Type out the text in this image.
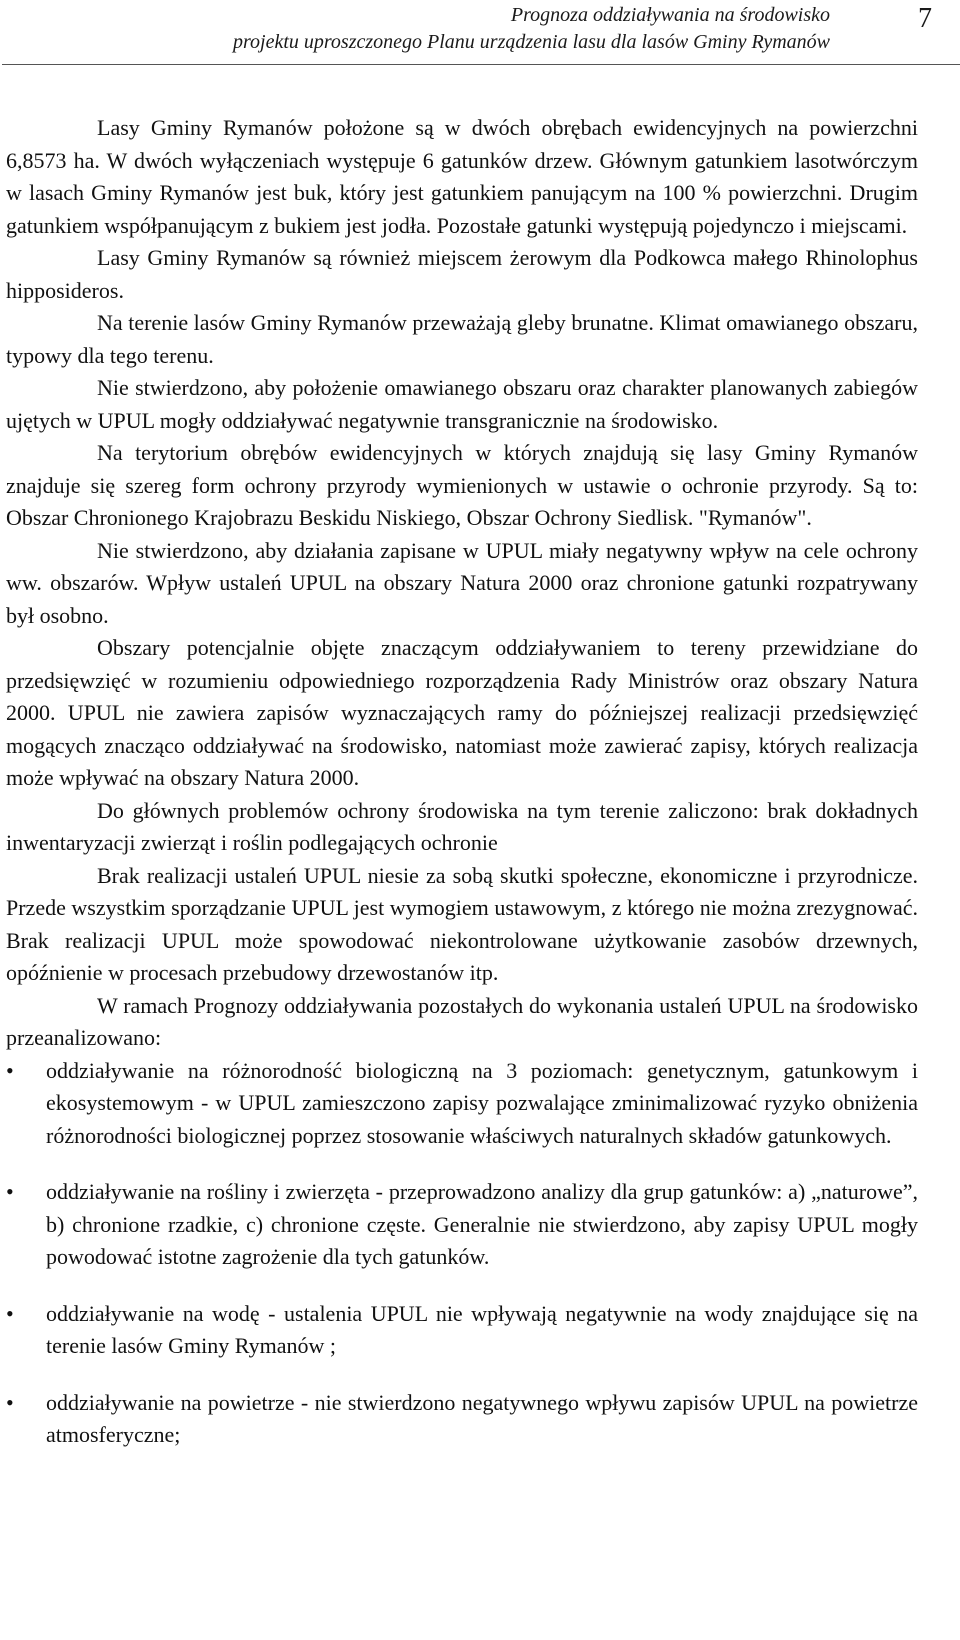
Prognoza oddziaływania na środowisko
projektu uproszczonego Planu urządzenia lasu dla lasów Gminy Rymanów
7

Lasy Gminy Rymanów położone są w dwóch obrębach ewidencyjnych na powierzchni 6,8573 ha. W dwóch wyłączeniach występuje 6 gatunków drzew. Głównym gatunkiem lasotwórczym w lasach Gminy Rymanów jest buk, który jest gatunkiem panującym na 100 % powierzchni. Drugim gatunkiem współpanującym z bukiem jest jodła. Pozostałe gatunki występują pojedynczo i miejscami.

Lasy Gminy Rymanów są również miejscem żerowym dla Podkowca małego Rhinolophus hipposideros.

Na terenie lasów Gminy Rymanów przeważają gleby brunatne. Klimat omawianego obszaru, typowy dla tego terenu.

Nie stwierdzono, aby położenie omawianego obszaru oraz charakter planowanych zabiegów ujętych w UPUL mogły oddziaływać negatywnie transgranicznie na środowisko.

Na terytorium obrębów ewidencyjnych w których znajdują się lasy Gminy Rymanów znajduje się szereg form ochrony przyrody wymienionych w ustawie o ochronie przyrody. Są to: Obszar Chronionego Krajobrazu Beskidu Niskiego, Obszar Ochrony Siedlisk. "Rymanów".

Nie stwierdzono, aby działania zapisane w UPUL miały negatywny wpływ na cele ochrony ww. obszarów. Wpływ ustaleń UPUL na obszary Natura 2000 oraz chronione gatunki rozpatrywany był osobno.

Obszary potencjalnie objęte znaczącym oddziaływaniem to tereny przewidziane do przedsięwzięć w rozumieniu odpowiedniego rozporządzenia Rady Ministrów oraz obszary Natura 2000. UPUL nie zawiera zapisów wyznaczających ramy do późniejszej realizacji przedsięwzięć mogących znacząco oddziaływać na środowisko, natomiast może zawierać zapisy, których realizacja może wpływać na obszary Natura 2000.

Do głównych problemów ochrony środowiska na tym terenie zaliczono: brak dokładnych inwentaryzacji zwierząt i roślin podlegających ochronie

Brak realizacji ustaleń UPUL niesie za sobą skutki społeczne, ekonomiczne i przyrodnicze. Przede wszystkim sporządzanie UPUL jest wymogiem ustawowym, z którego nie można zrezygnować. Brak realizacji UPUL może spowodować niekontrolowane użytkowanie zasobów drzewnych, opóźnienie w procesach przebudowy drzewostanów itp.

W ramach Prognozy oddziaływania pozostałych do wykonania ustaleń UPUL na środowisko przeanalizowano:

• oddziaływanie na różnorodność biologiczną na 3 poziomach: genetycznym, gatunkowym i ekosystemowym - w UPUL zamieszczono zapisy pozwalające zminimalizować ryzyko obniżenia różnorodności biologicznej poprzez stosowanie właściwych naturalnych składów gatunkowych.
• oddziaływanie na rośliny i zwierzęta - przeprowadzono analizy dla grup gatunków: a) „naturowe”, b) chronione rzadkie, c) chronione częste. Generalnie nie stwierdzono, aby zapisy UPUL mogły powodować istotne zagrożenie dla tych gatunków.
• oddziaływanie na wodę - ustalenia UPUL nie wpływają negatywnie na wody znajdujące się na terenie lasów Gminy Rymanów ;
• oddziaływanie na powietrze - nie stwierdzono negatywnego wpływu zapisów UPUL na powietrze atmosferyczne;
